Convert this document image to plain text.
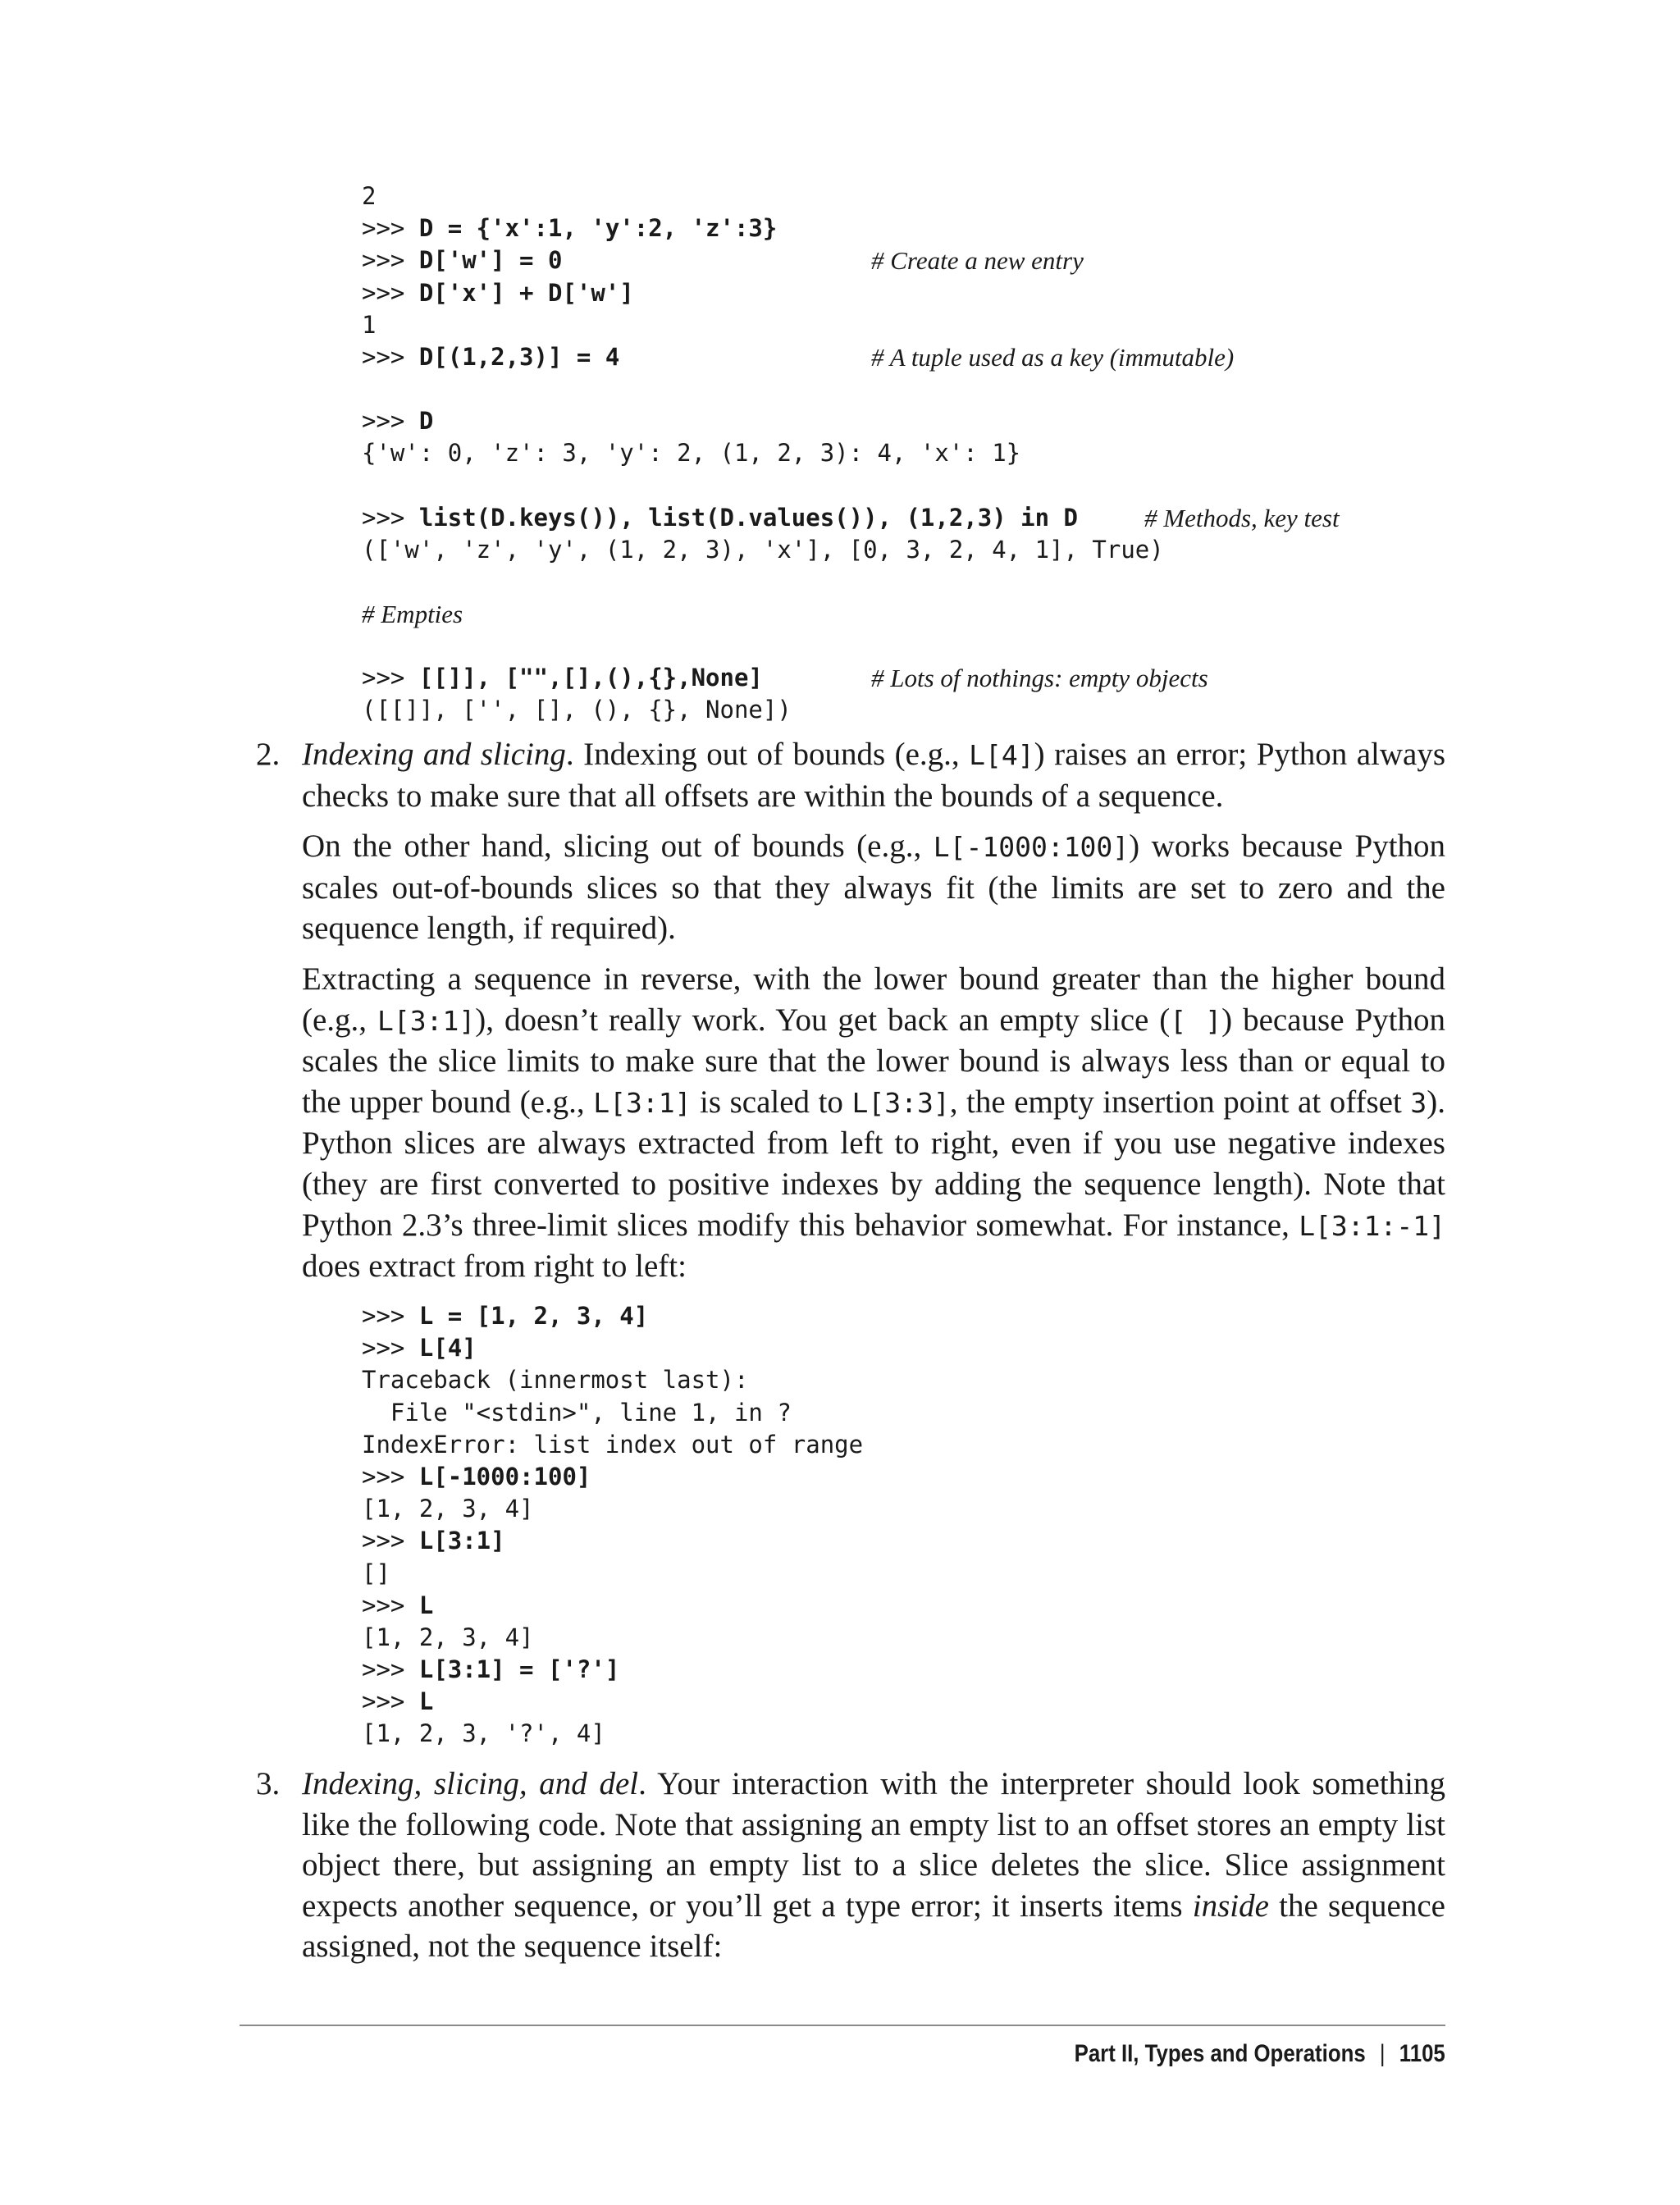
2
>>> D = {'x':1, 'y':2, 'z':3}
>>> D['w'] = 0
>>> D['x'] + D['w']
1
>>> D[(1,2,3)] = 4
>>> D
{'w': 0, 'z': 3, 'y': 2, (1, 2, 3): 4, 'x': 1}
>>> list(D.keys()), list(D.values()), (1,2,3) in D
(['w', 'z', 'y', (1, 2, 3), 'x'], [0, 3, 2, 4, 1], True)
>>> [[]], ["",[],(),{},None]
([[]], ['', [], (), {}, None])
# Create a new entry
# A tuple used as a key (immutable)
# Methods, key test
# Empties
# Lots of nothings: empty objects
2. Indexing and slicing. Indexing out of bounds (e.g., L[4]) raises an error; Python always checks to make sure that all offsets are within the bounds of a sequence.

On the other hand, slicing out of bounds (e.g., L[-1000:100]) works because Python scales out-of-bounds slices so that they always fit (the limits are set to zero and the sequence length, if required).

Extracting a sequence in reverse, with the lower bound greater than the higher bound (e.g., L[3:1]), doesn’t really work. You get back an empty slice ([ ]) because Python scales the slice limits to make sure that the lower bound is always less than or equal to the upper bound (e.g., L[3:1] is scaled to L[3:3], the empty insertion point at offset 3). Python slices are always extracted from left to right, even if you use negative indexes (they are first converted to positive indexes by adding the sequence length). Note that Python 2.3’s three-limit slices modify this behavior somewhat. For instance, L[3:1:-1] does extract from right to left:

>>> L = [1, 2, 3, 4]
>>> L[4]
Traceback (innermost last):
File "<stdin>", line 1, in ?
IndexError: list index out of range
>>> L[-1000:100]
[1, 2, 3, 4]
>>> L[3:1]
[]
>>> L
[1, 2, 3, 4]
>>> L[3:1] = ['?']
>>> L
[1, 2, 3, '?', 4]
3. Indexing, slicing, and del. Your interaction with the interpreter should look something like the following code. Note that assigning an empty list to an offset stores an empty list object there, but assigning an empty list to a slice deletes the slice. Slice assignment expects another sequence, or you’ll get a type error; it inserts items inside the sequence assigned, not the sequence itself:

Part II, Types and Operations | 1105
